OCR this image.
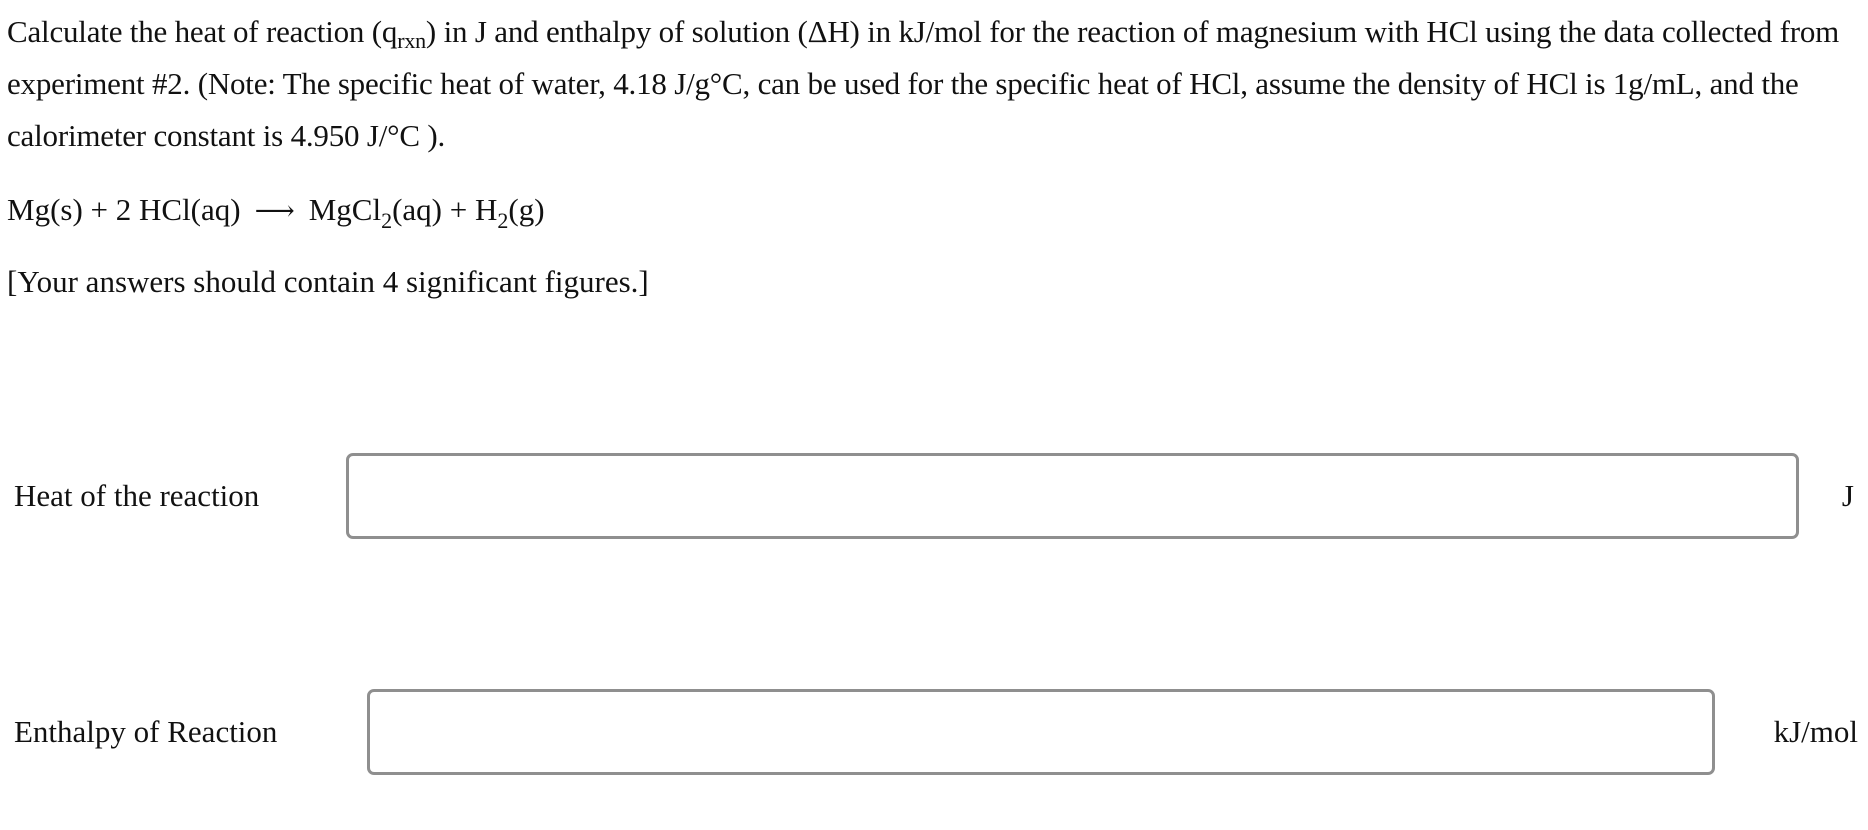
Calculate the heat of reaction $(q_{rxn})$ in J and enthalpy of solution (ΔH) in kJ/mol for the reaction of magnesium with HCl using the data collected from experiment #2. (Note: The specific heat of water, 4.18 J/g°C, can be used for the specific heat of HCl, assume the density of HCl is 1g/mL, and the calorimeter constant is 4.950 J/°C ).

Mg(s) + 2 HCl(aq) ⟶ MgCl$_2$(aq) + $H_2(g)$
[Your answers should contain 4 significant figures.]
Heat of the reaction	J
Enthalpy of Reaction	kJ/mol
